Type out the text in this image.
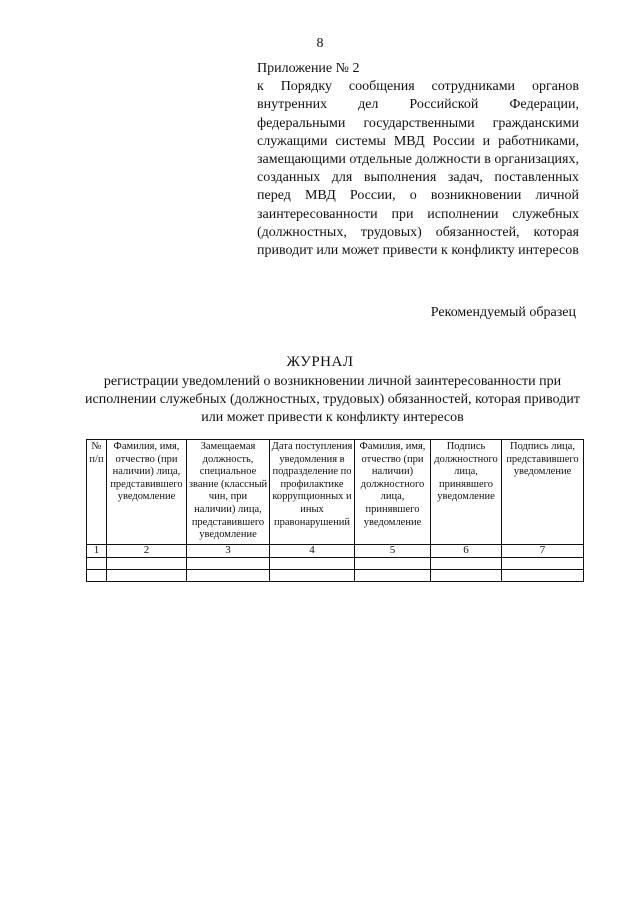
8
Приложение № 2
к Порядку сообщения сотрудниками органов внутренних дел Российской Федерации, федеральными государственными гражданскими служащими системы МВД России и работниками, замещающими отдельные должности в организациях, созданных для выполнения задач, поставленных перед МВД России, о возникновении личной заинтересованности при исполнении служебных (должностных, трудовых) обязанностей, которая приводит или может привести к конфликту интересов
Рекомендуемый образец
ЖУРНАЛ
регистрации уведомлений о возникновении личной заинтересованности при исполнении служебных (должностных, трудовых) обязанностей, которая приводит или может привести к конфликту интересов
№ п/п	Фамилия, имя, отчество (при наличии) лица, представившего уведомление	Замещаемая должность, специальное звание (классный чин, при наличии) лица, представившего уведомление	Дата поступления уведомления в подразделение по профилактике коррупционных и иных правонарушений	Фамилия, имя, отчество (при наличии) должностного лица, принявшего уведомление	Подпись должностного лица, принявшего уведомление	Подпись лица, представившего уведомление
1	2	3	4	5	6	7
